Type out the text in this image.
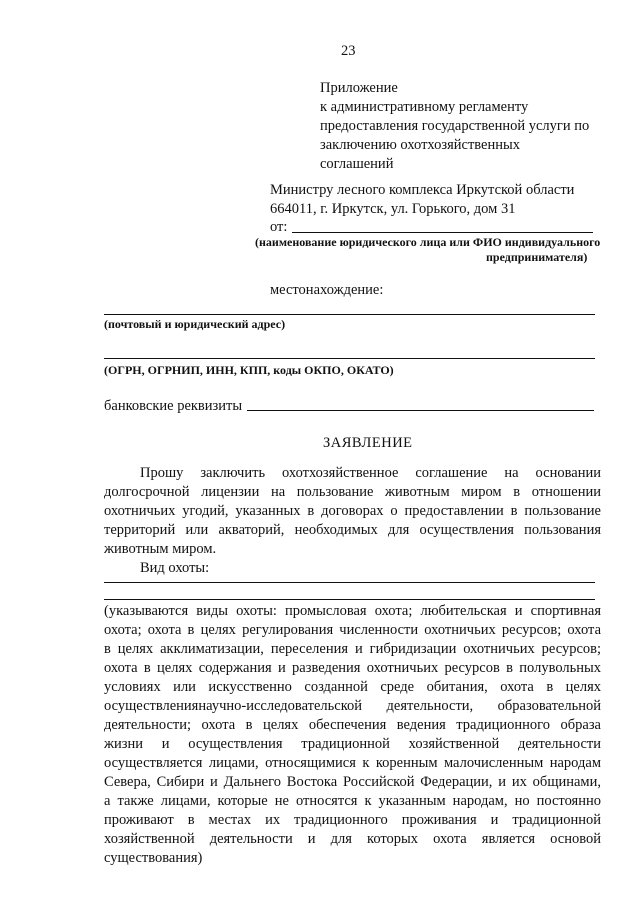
23
Приложение
к административному регламенту
предоставления государственной услуги по
заключению охотхозяйственных
соглашений
Министру лесного комплекса Иркутской области
664011, г. Иркутск, ул. Горького, дом 31
от:
(наименование юридического лица или ФИО индивидуального
предпринимателя)
местонахождение:
(почтовый и юридический адрес)
(ОГРН, ОГРНИП, ИНН, КПП, коды ОКПО, ОКАТО)
банковские реквизиты
ЗАЯВЛЕНИЕ
Прошу заключить охотхозяйственное соглашение на основании
долгосрочной лицензии на пользование животным миром в отношении
охотничьих угодий, указанных в договорах о предоставлении в пользование
территорий или акваторий, необходимых для осуществления пользования
животным миром.
Вид охоты:
(указываются виды охоты: промысловая охота; любительская и спортивная
охота; охота в целях регулирования численности охотничьих ресурсов; охота
в целях акклиматизации, переселения и гибридизации охотничьих ресурсов;
охота в целях содержания и разведения охотничьих ресурсов в полувольных
условиях или искусственно созданной среде обитания, охота в целях
осуществлениянаучно-исследовательской деятельности, образовательной
деятельности; охота в целях обеспечения ведения традиционного образа
жизни и осуществления традиционной хозяйственной деятельности
осуществляется лицами, относящимися к коренным малочисленным народам
Севера, Сибири и Дальнего Востока Российской Федерации, и их общинами,
а также лицами, которые не относятся к указанным народам, но постоянно
проживают в местах их традиционного проживания и традиционной
хозяйственной деятельности и для которых охота является основой
существования)
